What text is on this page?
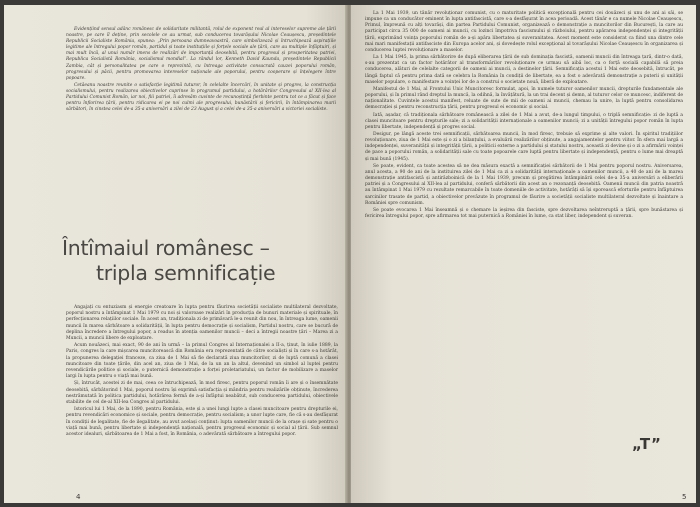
Evidențiind sensul adânc românesc de solidaritate militantă, rolul de exponent real al intereselor supreme ale țării noastre, pe care îl deține, prin secolele ce au urmat, sub conducerea tovarășului Nicolae Ceaușescu, președintele Republicii Socialiste România, spunea: „Prin persoana dumneavoastră, care simbolizează și întruchipează aspirațiile legitime ale întregului popor român, partidul și toate instituțiile și forțele sociale ale țării, care au multiple înfăptuiri, și mai mult încă, al unui număr imens de realizări de importanță deosebită, pentru progresul și prosperitatea patriei, Republica Socialistă România, socialismul mondial”. La rândul lor, Kenneth David Kaunda, președintele Republicii Zambia, cât și personalitatea pe care o reprezintă, cu întreaga activitate consacrată cauzei poporului român, progresului și păcii, pentru promovarea intereselor naționale ale poporului, pentru cooperare și înțelegere între popoare.

Cetăeanu noastre reunite o satisfacție legitimă tuturor, în celelalte încercări, în unitate și progres, la construcția socialismului, pentru realizarea obiectivelor cuprinse în programul partidului, a hotărârilor Congresului al XII-lea al Partidului Comunist Român, iar noi, fiii patriei, îi adresăm cuvinte de recunoștință fierbinte pentru tot ce a făcut și face pentru înflorirea țării, pentru ridicarea ei pe noi culmi ale progresului, bunăstării și fericirii, în întâmpinarea marii sărbători, în cinstea celei de-a 35-a aniversări a zilei de 23 August și a celei de-a 35-a aniversări a victoriei socialiste.

Întîmaiul românesc –
tripla semnificație

Angajați cu entuziasm și energie creatoare în lupta pentru făurirea societății socialiste multilateral dezvoltate, poporul nostru a întâmpinat 1 Mai 1979 cu noi și valoroase realizări în producția de bunuri materiale și spirituale, în perfecționarea relațiilor sociale. În acest an, tradiționala zi de primăvară le-a reunit din nou, în întreaga lume, oamenii muncii în marea sărbătoare a solidarității, în lupta pentru democrație și socialism, Partidul nostru, care se bucură de deplina încredere a întregului popor, a readus în atenția oamenilor muncii – deci a întregii noastre țări – Marea zi a Muncii, a muncii libere de exploatare.

Acum nouăzeci, mai exact, 90 de ani în urmă – la primul Congres al Internaționalei a II-a, ținut, în iulie 1889, la Paris, congres la care mișcarea muncitorească din România era reprezentată de către socialiști și în care s-a hotărât, la propunerea delegației franceze, ca ziua de 1 Mai să fie declarată ziua muncitorilor, zi de luptă comună a clasei muncitoare din toate țările, din acel an, ziua de 1 Mai, de la un an la altul, devenind un simbol al luptei pentru revendicările politice și sociale, o puternică demonstrație a forței proletariatului, un factor de mobilizare a maselor largi în lupta pentru o viață mai bună.

Și, întrucât, acestei zi de mai, ceea ce întruchipează, în mod firesc, pentru poporul român îi are și o însemnătate deosebită, sărbătorind 1 Mai, poporul nostru își exprimă satisfacția și mândria pentru realizările obținute, încrederea nestrămutată în politica partidului, hotărârea fermă de a-și înfăptui neabătut, sub conducerea partidului, obiectivele stabilite de cel de-al XII-lea Congres al partidului.

Istoricul lui 1 Mai, de la 1890, pentru România, este și a unei lungi lupte a clasei muncitoare pentru drepturile ei, pentru revendicări economice și sociale, pentru democrație, pentru socialism; a unor lupte care, fie că s-au desfășurat în condiții de legalitate, fie de ilegalitate, au avut același conținut: lupta oamenilor muncii de la orașe și sate pentru o viață mai bună, pentru libertate și independență națională, pentru progresul economic și social al țării. Sub semnul acestor idealuri, sărbătoarea de 1 Mai a fost, în România, o adevărată sărbătoare a întregului popor.

4

La 1 Mai 1939, un tânăr revoluționar comunist, cu o maturitate politică excepțională pentru cei douăzeci și unu de ani ai săi, se impune ca un conducător eminent în lupta antifascistă, care s-a desfășurat în acea perioadă. Acest tânăr e ca numele Nicolae Ceaușescu, Primul, împreună cu alți tovarăși, din partea Partidului Comunist, organizează o demonstrație a muncitorilor din București, la care au participat circa 35 000 de oameni ai muncii, cu lozinci împotriva fascismului și războiului, pentru apărarea independenței și integrității țării, exprimând voința poporului român de a-și apăra libertatea și suveranitatea. Acest moment este considerat ca fiind una dintre cele mai mari manifestații antifasciste din Europa acelor ani, și dovedește rolul excepțional al tovarășului Nicolae Ceaușescu în organizarea și conducerea luptei revoluționare a maselor.

La 1 Mai 1945, la prima sărbătorire de după eliberarea țării de sub dominația fascistă, oamenii muncii din întreaga țară, dintr-o dată, s-au prezentat ca un factor hotărâtor al transformărilor revoluționare ce urmau să aibă loc, ca o forță socială capabilă să preia conducerea, alături de celelalte categorii de oameni ai muncii, a destinelor țării. Semnificația acestui 1 Mai este deosebită, întrucât, pe lângă faptul că pentru prima dată se celebra la România în condiții de libertate, ea a fost o adevărată demonstrație a puterii și unității maselor populare, o manifestare a voinței lor de a construi o societate nouă, liberă de exploatare.

Manifestul de 1 Mai, al Frontului Unic Muncitoresc formulat, apoi, în numele tuturor oamenilor muncii, drepturile fundamentale ale poporului, și în primul rând dreptul la muncă, la odihnă, la învățătură, la un trai decent și demn, al tuturor celor ce muncesc, indiferent de naționalitate. Cuvintele acestui manifest, reluate de sute de mii de oameni ai muncii, chemau la unire, la luptă pentru consolidarea democrației și pentru reconstrucția țării, pentru progresul ei economic și social.

Iată, așadar, că tradiționala sărbătoare românească a zilei de 1 Mai a avut, de-a lungul timpului, o triplă semnificație: zi de luptă a clasei muncitoare pentru drepturile sale; zi a solidarității internaționale a oamenilor muncii; zi a unității întregului popor român în lupta pentru libertate, independență și progres social.

Desigur, pe lângă aceste trei semnificații, sărbătoarea muncii, în mod firesc, trebuie să exprime și alte valori. În spiritul tradițiilor revoluționare, ziua de 1 Mai este și o zi a bilanțului, a evaluării realizărilor obținute, a angajamentelor pentru viitor. În sfera mai largă a independenței, suveranității și integrității țării, a politicii externe a partidului și statului nostru, această zi devine și o zi a afirmării voinței de pace a poporului român, a solidarității sale cu toate popoarele care luptă pentru libertate și independență, pentru o lume mai dreaptă și mai bună (1945).

Se poate, evident, ca toate acestea să ne dea măsura exactă a semnificației sărbătorii de 1 Mai pentru poporul nostru. Aniversarea, anul acesta, a 90 de ani de la instituirea zilei de 1 Mai ca zi a solidarității internaționale a oamenilor muncii, a 40 de ani de la marea demonstrație antifascistă și antirăzboinică de la 1 Mai 1939, precum și pregătirea întâmpinării celei de-a 35-a aniversări a eliberării patriei și a Congresului al XII-lea al partidului, conferă sărbătorii din acest an o rezonanță deosebită. Oamenii muncii din patria noastră au întâmpinat 1 Mai 1979 cu rezultate remarcabile în toate domeniile de activitate, hotărâți să își sporească eforturile pentru înfăptuirea sarcinilor trasate de partid, a obiectivelor prevăzute în programul de făurire a societății socialiste multilateral dezvoltate și înaintare a României spre comunism.

Se poate evocarea 1 Mai înseamnă și o chemare la ieșirea din fasciste, spre dezvoltarea neîntreruptă a țării, spre bunăstarea și fericirea întregului popor, spre afirmarea tot mai puternică a României în lume, ca stat liber, independent și suveran.

„T”
5
